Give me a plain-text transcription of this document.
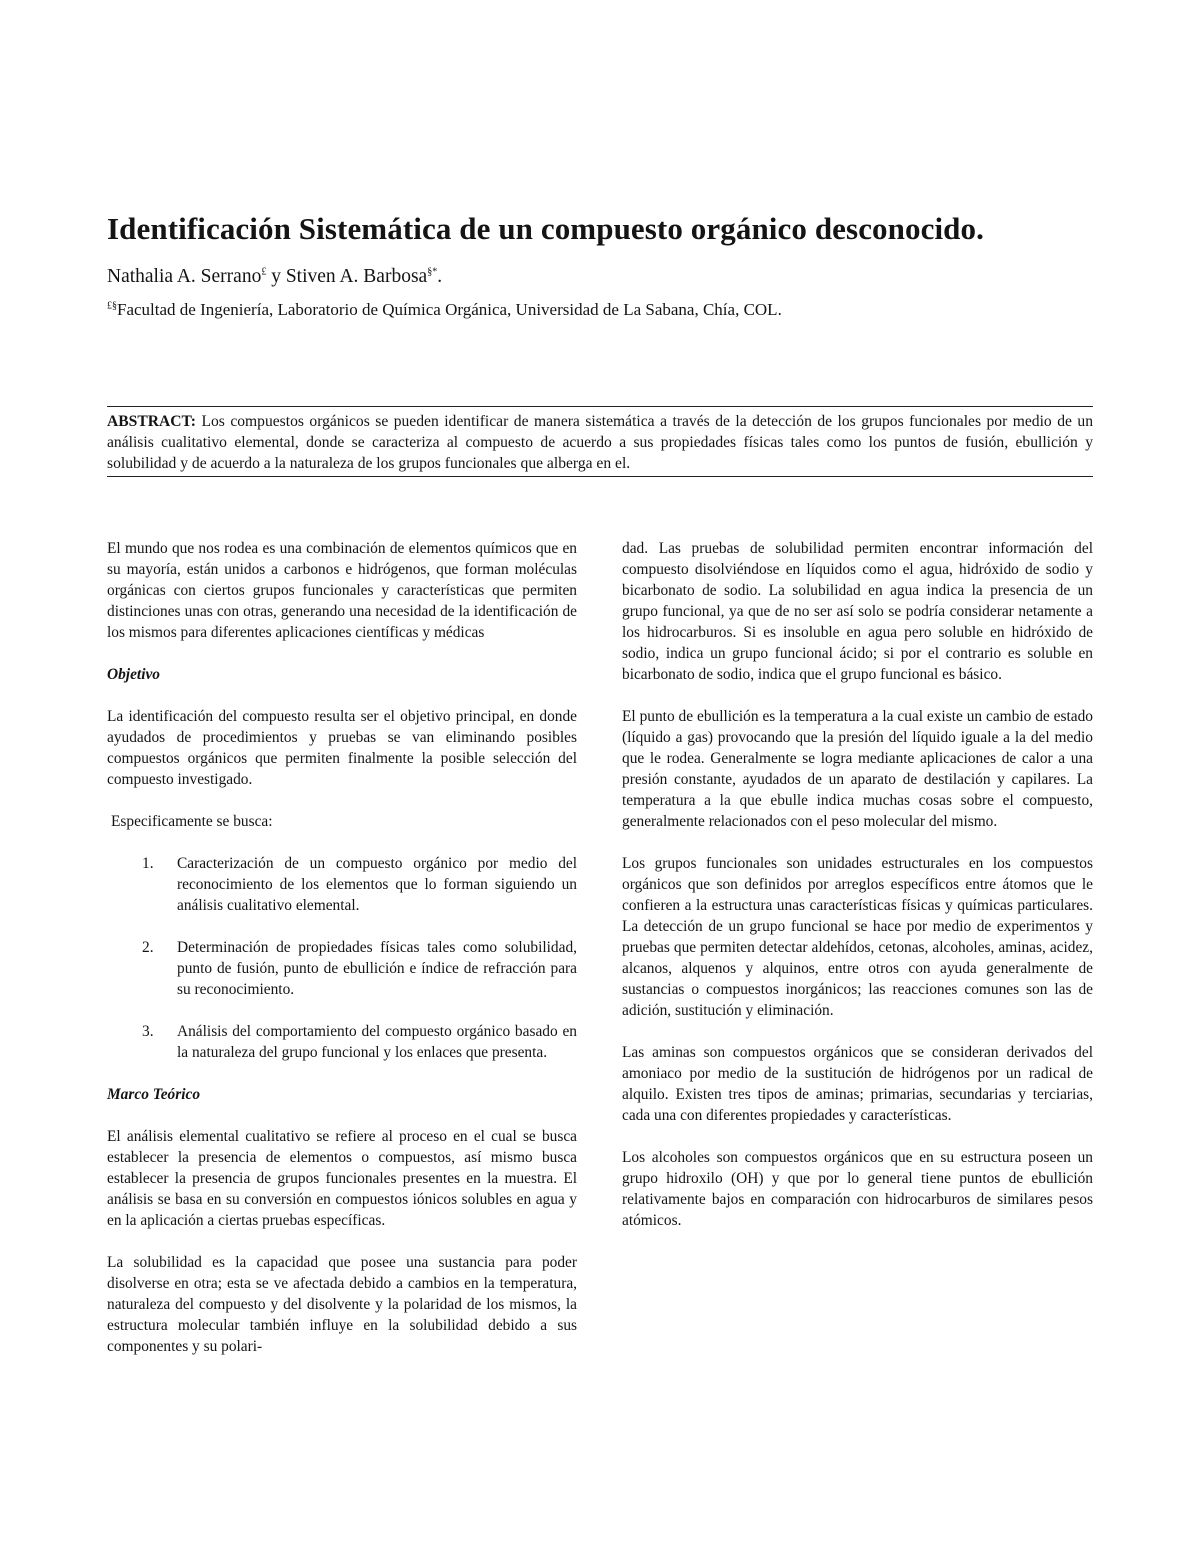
Identificación Sistemática de un compuesto orgánico desconocido.
Nathalia A. Serrano£ y Stiven A. Barbosa§*.
£§Facultad de Ingeniería, Laboratorio de Química Orgánica, Universidad de La Sabana, Chía, COL.

ABSTRACT: Los compuestos orgánicos se pueden identificar de manera sistemática a través de la detección de los grupos funcionales por medio de un análisis cualitativo elemental, donde se caracteriza al compuesto de acuerdo a sus propiedades físicas tales como los puntos de fusión, ebullición y solubilidad y de acuerdo a la naturaleza de los grupos funcionales que alberga en el.

El mundo que nos rodea es una combinación de elementos químicos que en su mayoría, están unidos a carbonos e hidrógenos, que forman moléculas orgánicas con ciertos grupos funcionales y características que permiten distinciones unas con otras, generando una necesidad de la identificación de los mismos para diferentes aplicaciones científicas y médicas

Objetivo

La identificación del compuesto resulta ser el objetivo principal, en donde ayudados de procedimientos y pruebas se van eliminando posibles compuestos orgánicos que permiten finalmente la posible selección del compuesto investigado.

Especificamente se busca:

1. Caracterización de un compuesto orgánico por medio del reconocimiento de los elementos que lo forman siguiendo un análisis cualitativo elemental.
2. Determinación de propiedades físicas tales como solubilidad, punto de fusión, punto de ebullición e índice de refracción para su reconocimiento.
3. Análisis del comportamiento del compuesto orgánico basado en la naturaleza del grupo funcional y los enlaces que presenta.

Marco Teórico

El análisis elemental cualitativo se refiere al proceso en el cual se busca establecer la presencia de elementos o compuestos, así mismo busca establecer la presencia de grupos funcionales presentes en la muestra. El análisis se basa en su conversión en compuestos iónicos solubles en agua y en la aplicación a ciertas pruebas específicas.

La solubilidad es la capacidad que posee una sustancia para poder disolverse en otra; esta se ve afectada debido a cambios en la temperatura, naturaleza del compuesto y del disolvente y la polaridad de los mismos, la estructura molecular también influye en la solubilidad debido a sus componentes y su polari-

dad. Las pruebas de solubilidad permiten encontrar información del compuesto disolviéndose en líquidos como el agua, hidróxido de sodio y bicarbonato de sodio. La solubilidad en agua indica la presencia de un grupo funcional, ya que de no ser así solo se podría considerar netamente a los hidrocarburos. Si es insoluble en agua pero soluble en hidróxido de sodio, indica un grupo funcional ácido; si por el contrario es soluble en bicarbonato de sodio, indica que el grupo funcional es básico.

El punto de ebullición es la temperatura a la cual existe un cambio de estado (líquido a gas) provocando que la presión del líquido iguale a la del medio que le rodea. Generalmente se logra mediante aplicaciones de calor a una presión constante, ayudados de un aparato de destilación y capilares. La temperatura a la que ebulle indica muchas cosas sobre el compuesto, generalmente relacionados con el peso molecular del mismo.

Los grupos funcionales son unidades estructurales en los compuestos orgánicos que son definidos por arreglos específicos entre átomos que le confieren a la estructura unas características físicas y químicas particulares. La detección de un grupo funcional se hace por medio de experimentos y pruebas que permiten detectar aldehídos, cetonas, alcoholes, aminas, acidez, alcanos, alquenos y alquinos, entre otros con ayuda generalmente de sustancias o compuestos inorgánicos; las reacciones comunes son las de adición, sustitución y eliminación.

Las aminas son compuestos orgánicos que se consideran derivados del amoniaco por medio de la sustitución de hidrógenos por un radical de alquilo. Existen tres tipos de aminas; primarias, secundarias y terciarias, cada una con diferentes propiedades y características.

Los alcoholes son compuestos orgánicos que en su estructura poseen un grupo hidroxilo (OH) y que por lo general tiene puntos de ebullición relativamente bajos en comparación con hidrocarburos de similares pesos atómicos.
